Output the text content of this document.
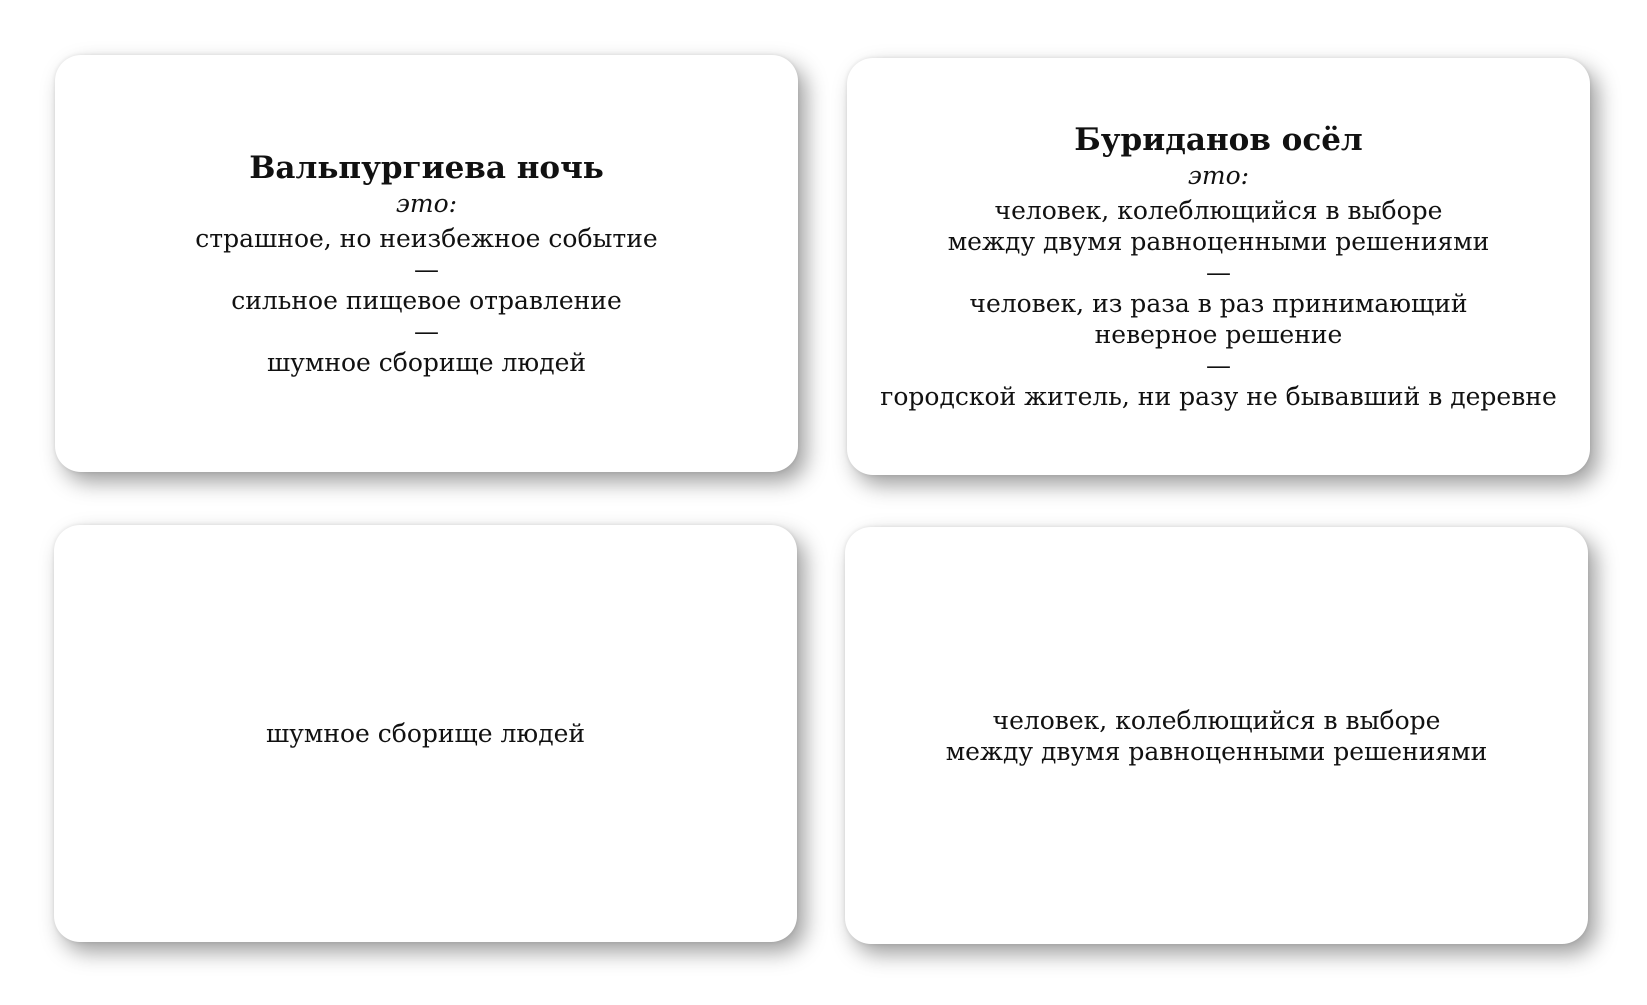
Вальпургиева ночь
это:
страшное, но неизбежное событие
—
сильное пищевое отравление
—
шумное сборище людей
Буриданов осёл
это:
человек, колеблющийся в выборе
между двумя равноценными решениями
—
человек, из раза в раз принимающий
неверное решение
—
городской житель, ни разу не бывавший в деревне
шумное сборище людей	человек, колеблющийся в выборе
между двумя равноценными решениями
